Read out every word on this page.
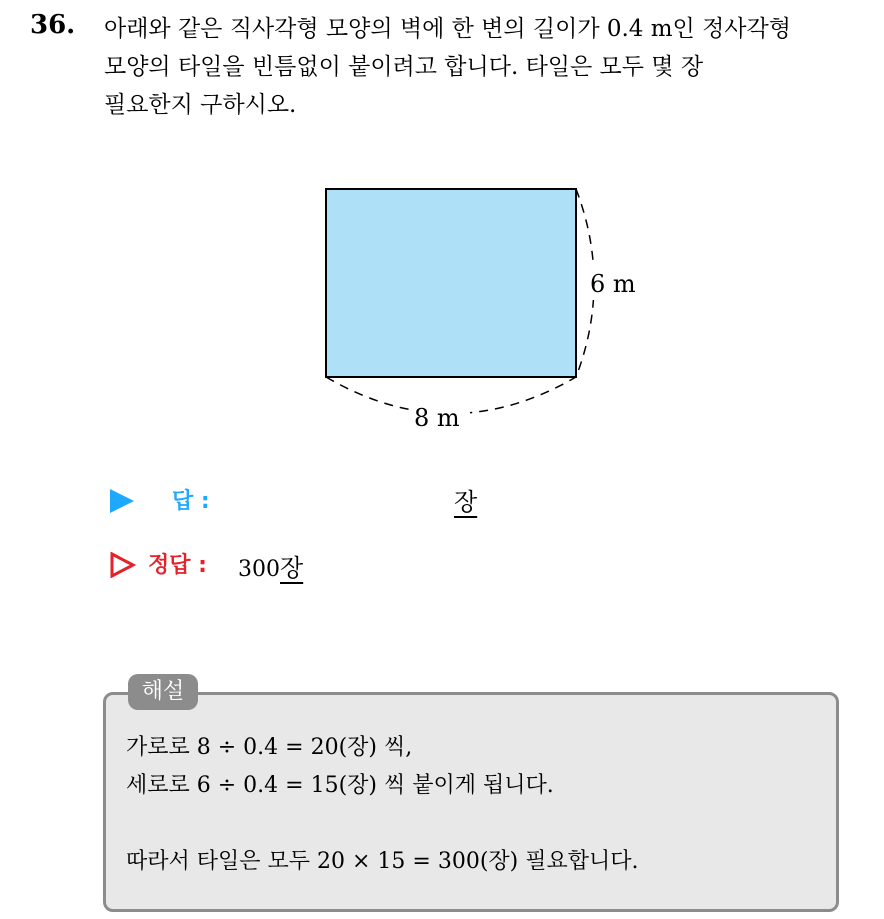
36. 아래와 같은 직사각형 모양의 벽에 한 변의 길이가 0.4 m인 정사각형
모양의 타일을 빈틈없이 붙이려고 합니다. 타일은 모두 몇 장
필요한지 구하시오.

6 m
8 m
답 :	장
정답 : 300장
해설
가로로 8 ÷ 0.4 = 20(장) 씩,
세로로 6 ÷ 0.4 = 15(장) 씩 붙이게 됩니다.
따라서 타일은 모두 20 × 15 = 300(장) 필요합니다.
